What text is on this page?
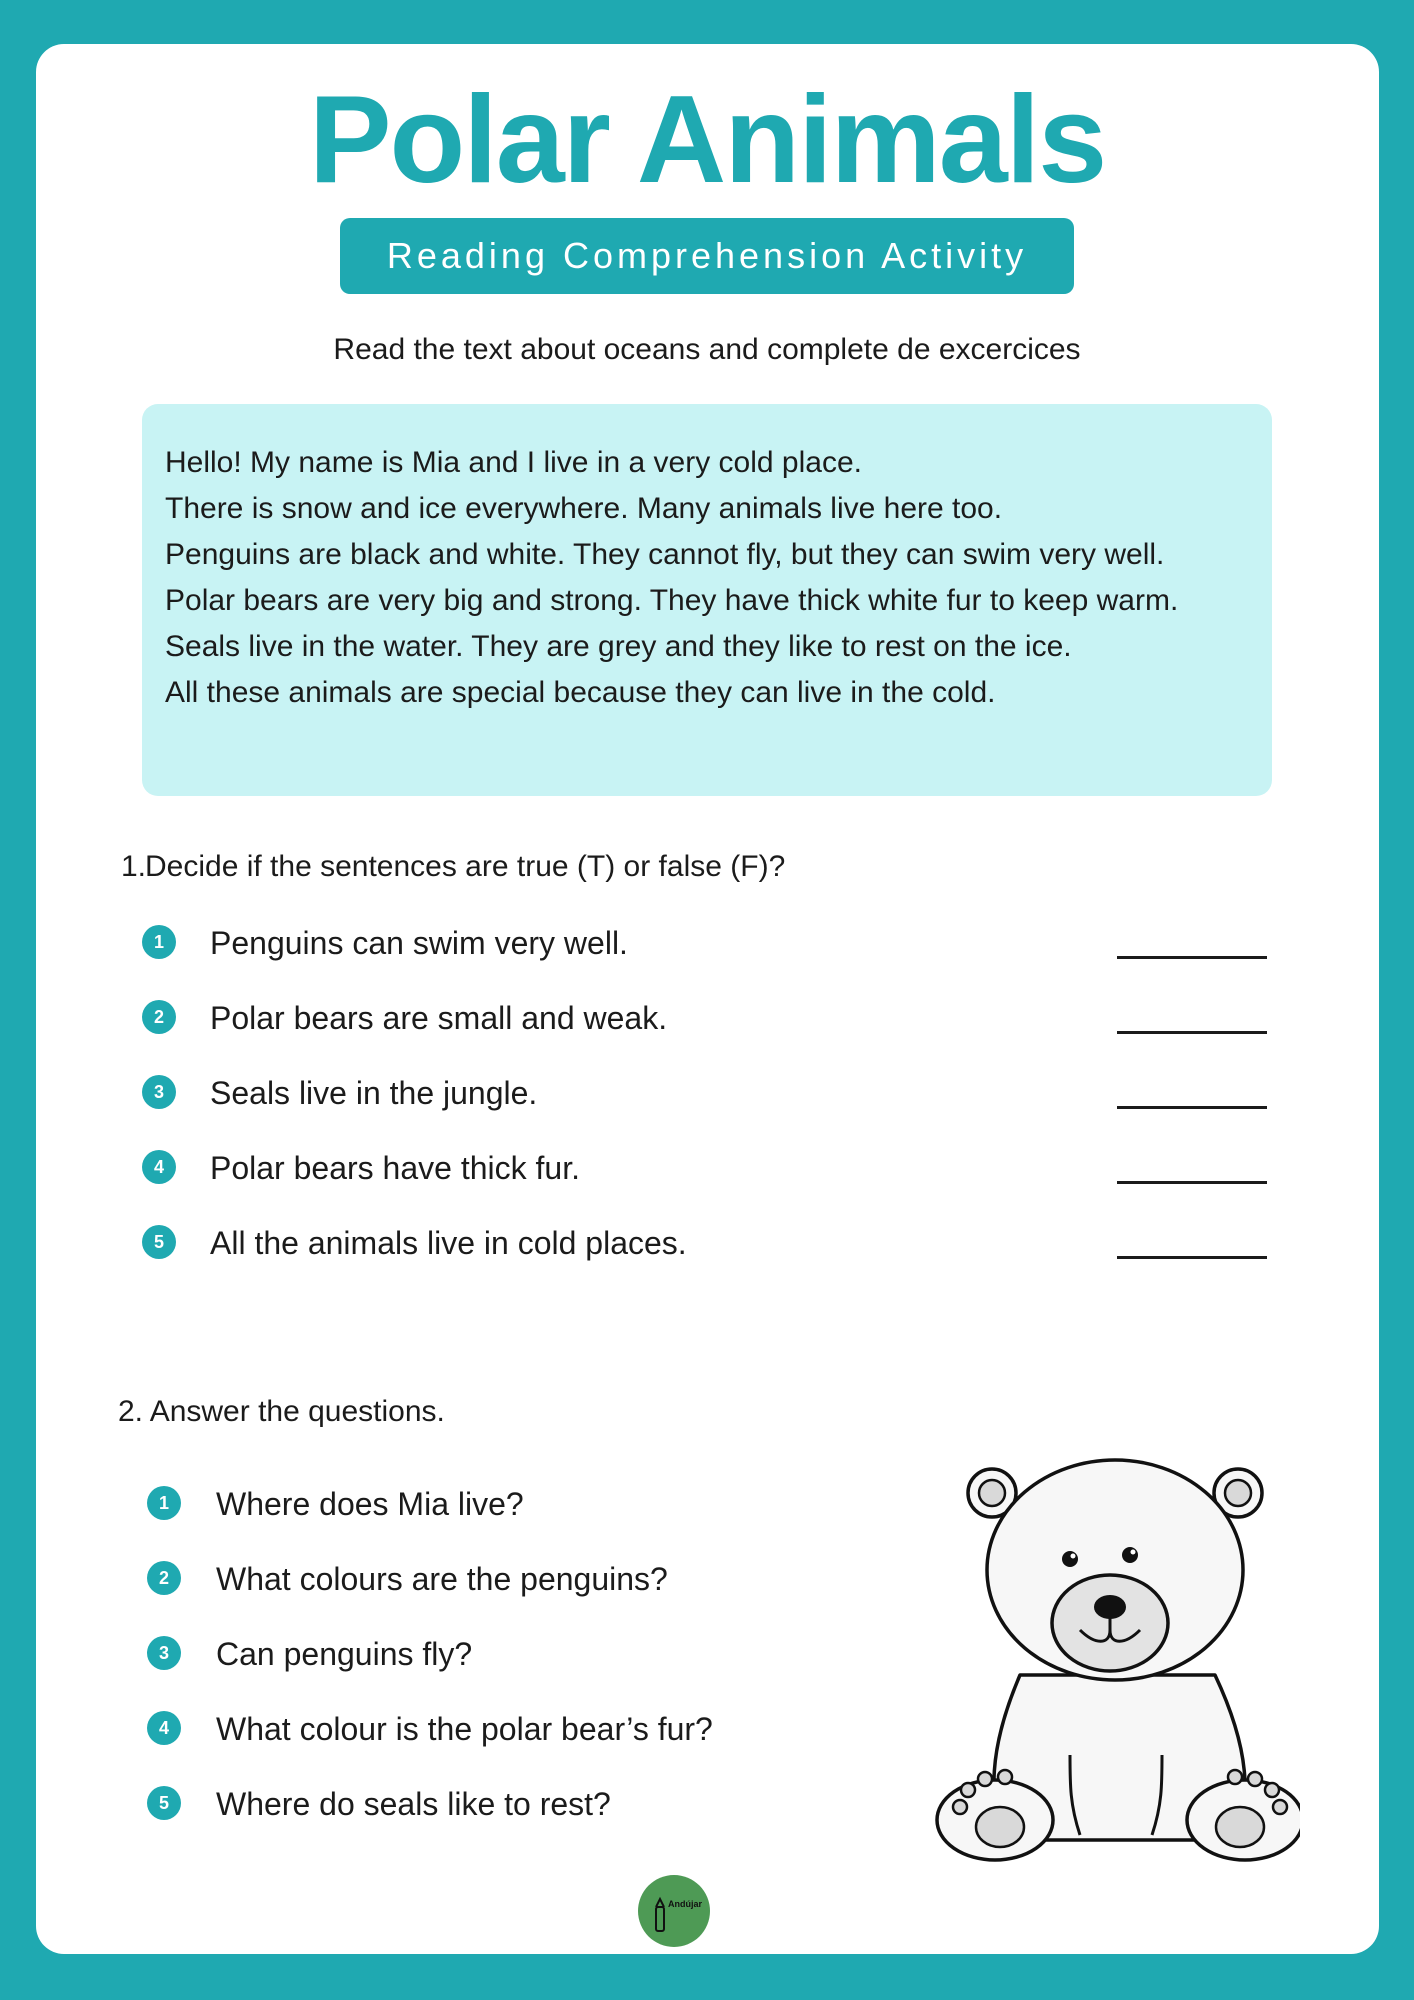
Polar Animals
Reading Comprehension Activity
Read the text about oceans and complete de excercices

Hello! My name is Mia and I live in a very cold place.

There is snow and ice everywhere. Many animals live here too.

Penguins are black and white. They cannot fly, but they can swim very well.

Polar bears are very big and strong. They have thick white fur to keep warm.

Seals live in the water. They are grey and they like to rest on the ice.

All these animals are special because they can live in the cold.

1.
Decide if the sentences are true (T) or false (F)?
1	Penguins can swim very well.
2	Polar bears are small and weak.
3	Seals live in the jungle.
4	Polar bears have thick fur.
5	All the animals live in cold places.
2. Answer the questions.
1	Where does Mia live?
2	What colours are the penguins?
3	Can penguins fly?
4	What colour is the polar bear’s fur?
5	Where do seals like to rest?
Andújar
